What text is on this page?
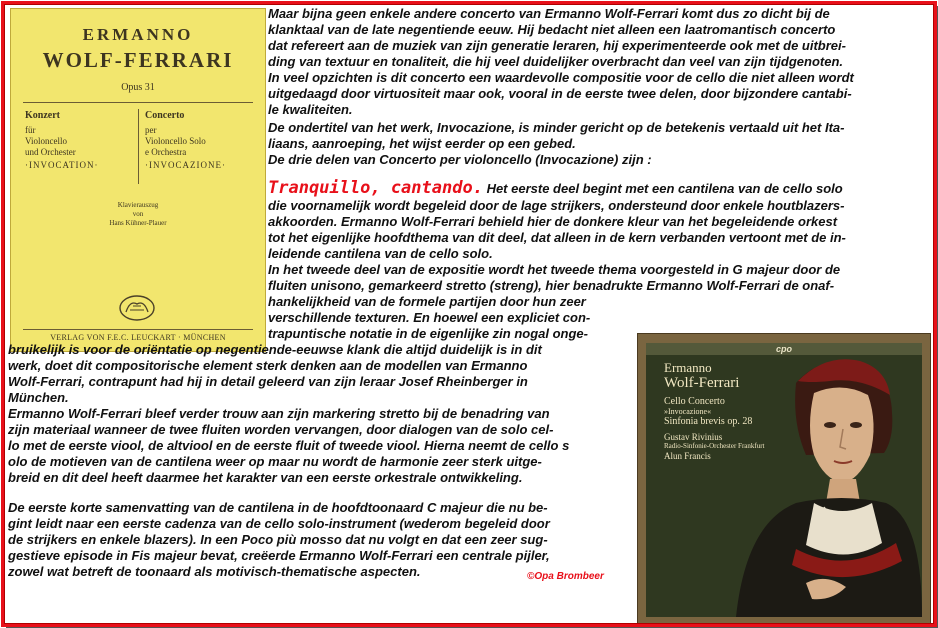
ERMANNO
WOLF-FERRARI
Opus 31
Konzert
für
Violoncello
und Orchester
·INVOCATION·
Concerto
per
Violoncello Solo
e Orchestra
·INVOCAZIONE·
Klavierauszug
von
Hans Kühner-Plauer
VERLAG VON F.E.C. LEUCKART · MÜNCHEN

Maar bijna geen enkele andere concerto van Ermanno Wolf-Ferrari komt dus zo dicht bij de

klanktaal van de late negentiende eeuw. Hij bedacht niet alleen een laatromantisch concerto

dat refereert aan de muziek van zijn generatie leraren, hij experimenteerde ook met de uitbrei-

ding van textuur en tonaliteit, die hij veel duidelijker overbracht dan veel van zijn tijdgenoten.

In veel opzichten is dit concerto een waardevolle compositie voor de cello die niet alleen wordt

uitgedaagd door virtuositeit maar ook, vooral in de eerste twee delen, door bijzondere cantabi-

le kwaliteiten.

De ondertitel van het werk, Invocazione, is minder gericht op de betekenis vertaald uit het Ita-

liaans, aanroeping, het wijst eerder op een gebed.

De drie delen van Concerto per violoncello (Invocazione) zijn :

Tranquillo, cantando. Het eerste deel begint met een cantilena van de cello solo

die voornamelijk wordt begeleid door de lage strijkers, ondersteund door enkele houtblazers-

akkoorden. Ermanno Wolf-Ferrari behield hier de donkere kleur van het begeleidende orkest

tot het eigenlijke hoofdthema van dit deel, dat alleen in de kern verbanden vertoont met de in-

leidende cantilena van de cello solo.

In het tweede deel van de expositie wordt het tweede thema voorgesteld in G majeur door de

fluiten unisono, gemarkeerd stretto (streng), hier benadrukte Ermanno Wolf-Ferrari de onaf-

hankelijkheid van de formele partijen door hun zeer

verschillende texturen. En hoewel een expliciet con-

trapuntische notatie in de eigenlijke zin nogal onge-

bruikelijk is voor de oriëntatie op negentiende-eeuwse klank die altijd duidelijk is in dit

werk, doet dit compositorische element sterk denken aan de modellen van Ermanno

Wolf-Ferrari, contrapunt had hij in detail geleerd van zijn leraar Josef Rheinberger in

München.

Ermanno Wolf-Ferrari bleef verder trouw aan zijn markering stretto bij de benadring van

zijn materiaal wanneer de twee fluiten worden vervangen, door dialogen van de solo cel-

lo met de eerste viool, de altviool en de eerste fluit of tweede viool. Hierna neemt de cello s

olo de motieven van de cantilena weer op maar nu wordt de harmonie zeer sterk uitge-

breid en dit deel heeft daarmee het karakter van een eerste orkestrale ontwikkeling.

De eerste korte samenvatting van de cantilena in de hoofdtoonaard C majeur die nu be-

gint leidt naar een eerste cadenza van de cello solo-instrument (wederom begeleid door

de strijkers en enkele blazers). In een Poco più mosso dat nu volgt en dat een zeer sug-

gestieve episode in Fis majeur bevat, creëerde Ermanno Wolf-Ferrari een centrale pijler,

zowel wat betreft de toonaard als motivisch-thematische aspecten.	©Opa Brombeer
cpo
Ermanno
Wolf-Ferrari
Cello Concerto
»Invocazione«
Sinfonia brevis op. 28
Gustav Rivinius
Radio-Sinfonie-Orchester Frankfurt
Alun Francis
